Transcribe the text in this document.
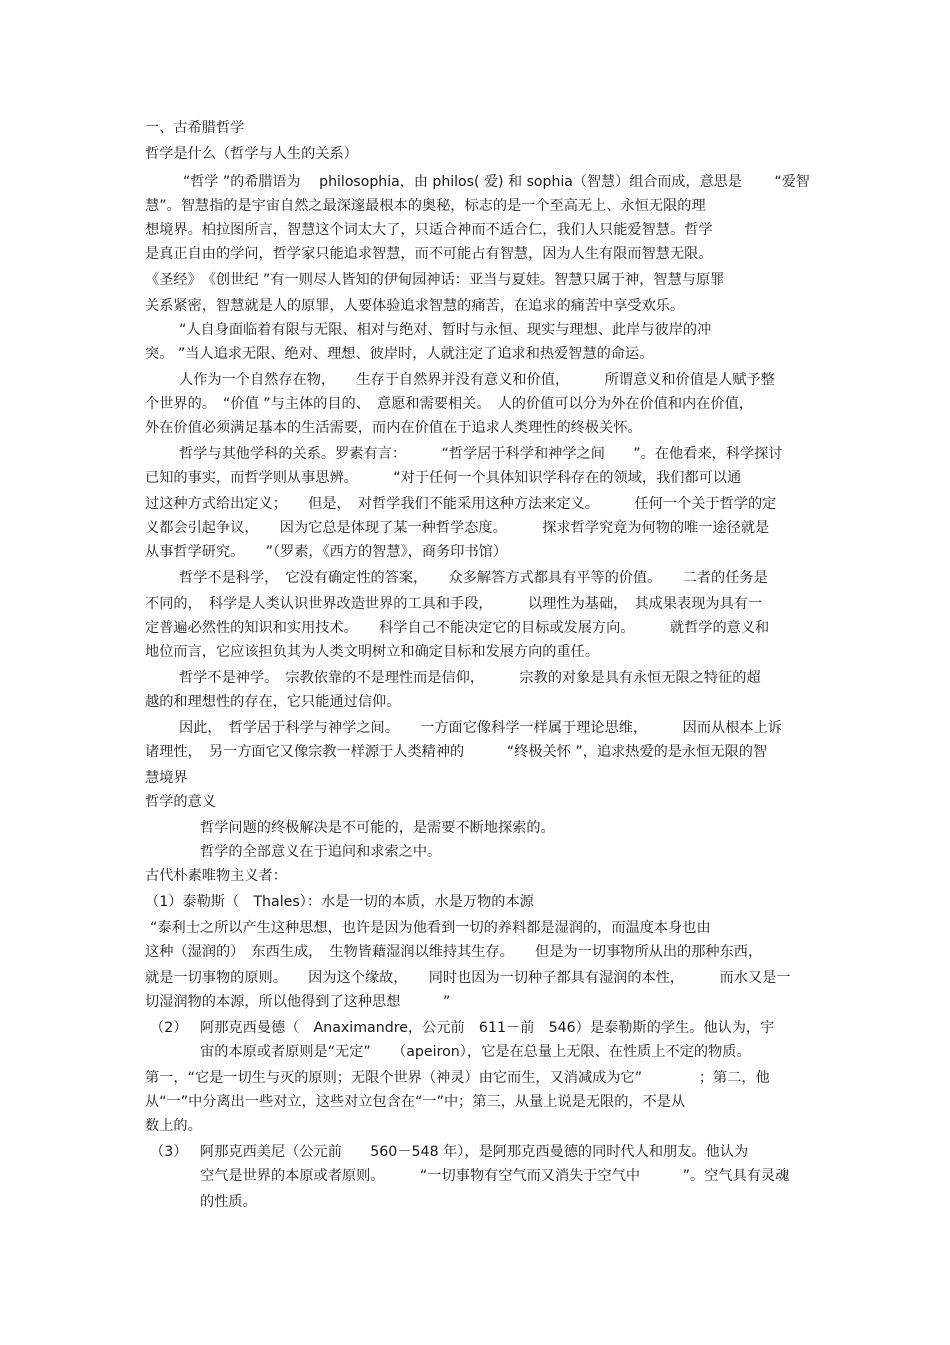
一、古希腊哲学
哲学是什么（哲学与人生的关系）
“哲学 ”的希腊语为　 philosophia，由 philos( 爱) 和 sophia（智慧）组合而成，意思是　　 “爱智
慧”。智慧指的是宇宙自然之最深邃最根本的奥秘，标志的是一个至高无上、永恒无限的理
想境界。柏拉图所言，智慧这个词太大了，只适合神而不适合仁，我们人只能爱智慧。哲学
是真正自由的学问，哲学家只能追求智慧，而不可能占有智慧，因为人生有限而智慧无限。
《圣经》　《创世纪 ”有一则尽人皆知的伊甸园神话：亚当与夏娃。智慧只属于神，智慧与原罪
关系紧密，智慧就是人的原罪，人要体验追求智慧的痛苦，在追求的痛苦中享受欢乐。
“人自身面临着有限与无限、相对与绝对、暂时与永恒、现实与理想、此岸与彼岸的冲
突。 ”当人追求无限、绝对、理想、彼岸时，人就注定了追求和热爱智慧的命运。
人作为一个自然存在物，　　生存于自然界并没有意义和价值，　　　所谓意义和价值是人赋予整
个世界的。　“价值 ”与主体的目的、　意愿和需要相关。　人的价值可以分为外在价值和内在价值，
外在价值必须满足基本的生活需要，而内在价值在于追求人类理性的终极关怀。
哲学与其他学科的关系。罗素有言：　　　“哲学居于科学和神学之间　　”。在他看来，科学探讨
已知的事实，而哲学则从事思辨。　　　“对于任何一个具体知识学科存在的领域，我们都可以通
过这种方式给出定义；　　但是，　对哲学我们不能采用这种方法来定义。　　　任何一个关于哲学的定
义都会引起争议，　　因为它总是体现了某一种哲学态度。　　　探求哲学究竟为何物的唯一途径就是
从事哲学研究。　　”（罗素，《西方的智慧》，商务印书馆）
哲学不是科学，　它没有确定性的答案，　　众多解答方式都具有平等的价值。　　二者的任务是
不同的，　科学是人类认识世界改造世界的工具和手段，　　　以理性为基础，　其成果表现为具有一
定普遍必然性的知识和实用技术。　　科学自己不能决定它的目标或发展方向。　　　就哲学的意义和
地位而言，它应该担负其为人类文明树立和确定目标和发展方向的重任。
哲学不是神学。　宗教依靠的不是理性而是信仰，　　　宗教的对象是具有永恒无限之特征的超
越的和理想性的存在，它只能通过信仰。
因此，　哲学居于科学与神学之间。　　一方面它像科学一样属于理论思维，　　　因而从根本上诉
诸理性，　另一方面它又像宗教一样源于人类精神的　　　“终极关怀 ”，追求热爱的是永恒无限的智
慧境界
哲学的意义
哲学问题的终极解决是不可能的，是需要不断地探索的。
哲学的全部意义在于追问和求索之中。
古代朴素唯物主义者：
（1）泰勒斯（　Thales）：水是一切的本质，水是万物的本源
“泰利士之所以产生这种思想，也许是因为他看到一切的养料都是湿润的，而温度本身也由
这种（湿润的）　东西生成，　生物皆藉湿润以维持其生存。　　但是为一切事物所从出的那种东西，
就是一切事物的原则。　　因为这个缘故，　　同时也因为一切种子都具有湿润的本性，　　　而水又是一
切湿润物的本源，所以他得到了这种思想　　　”
（2） 阿那克西曼德（　Anaximandre，公元前　611－前　546）是泰勒斯的学生。他认为，宇
宙的本原或者原则是“无定”　　（apeiron），它是在总量上无限、在性质上不定的物质。
第一，“它是一切生与灭的原则；无限个世界（神灵）由它而生，又消减成为它”　　　　；第二，他
从“一”中分离出一些对立，这些对立包含在“一”中；第三，从量上说是无限的，不是从
数上的。
（3） 阿那克西美尼（公元前　　560－548 年），是阿那克西曼德的同时代人和朋友。他认为
空气是世界的本原或者原则。　　　“一切事物有空气而又消失于空气中　　　”。空气具有灵魂
的性质。
